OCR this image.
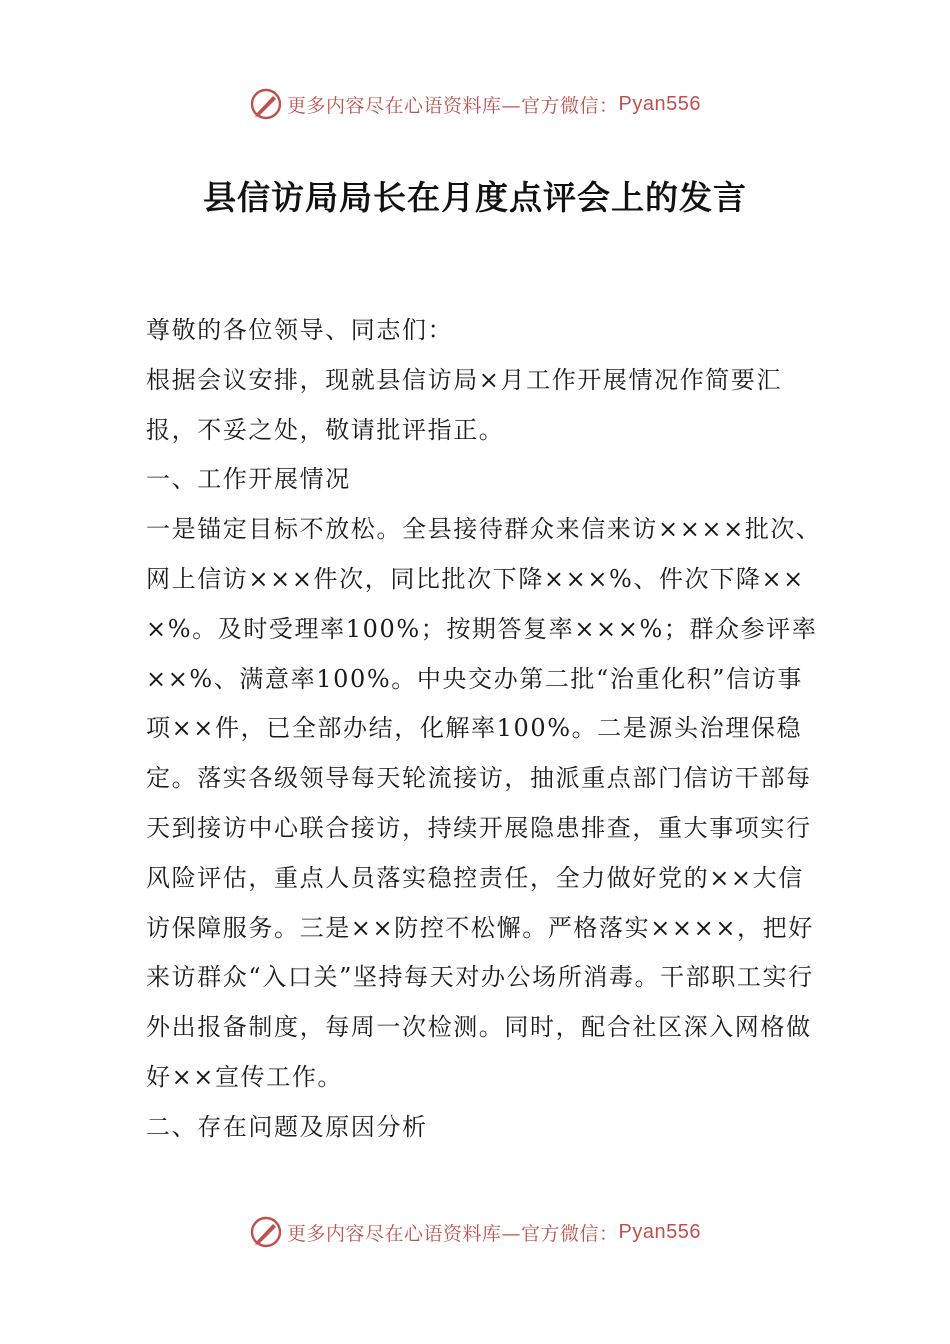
更多内容尽在心语资料库—官方微信： Pyan556
县信访局局长在月度点评会上的发言

尊敬的各位领导、同志们：

根据会议安排，现就县信访局×月工作开展情况作简要汇报，不妥之处，敬请批评指正。

一、工作开展情况

一是锚定目标不放松。全县接待群众来信来访××××批次、网上信访×××件次，同比批次下降×××%、件次下降×××%。及时受理率100%；按期答复率×××%；群众参评率××%、满意率100%。中央交办第二批“治重化积”信访事项××件，已全部办结，化解率100%。二是源头治理保稳定。落实各级领导每天轮流接访，抽派重点部门信访干部每天到接访中心联合接访，持续开展隐患排查，重大事项实行风险评估，重点人员落实稳控责任，全力做好党的××大信访保障服务。三是××防控不松懈。严格落实××××，把好来访群众“入口关”坚持每天对办公场所消毒。干部职工实行外出报备制度，每周一次检测。同时，配合社区深入网格做好××宣传工作。

二、存在问题及原因分析

更多内容尽在心语资料库—官方微信： Pyan556
